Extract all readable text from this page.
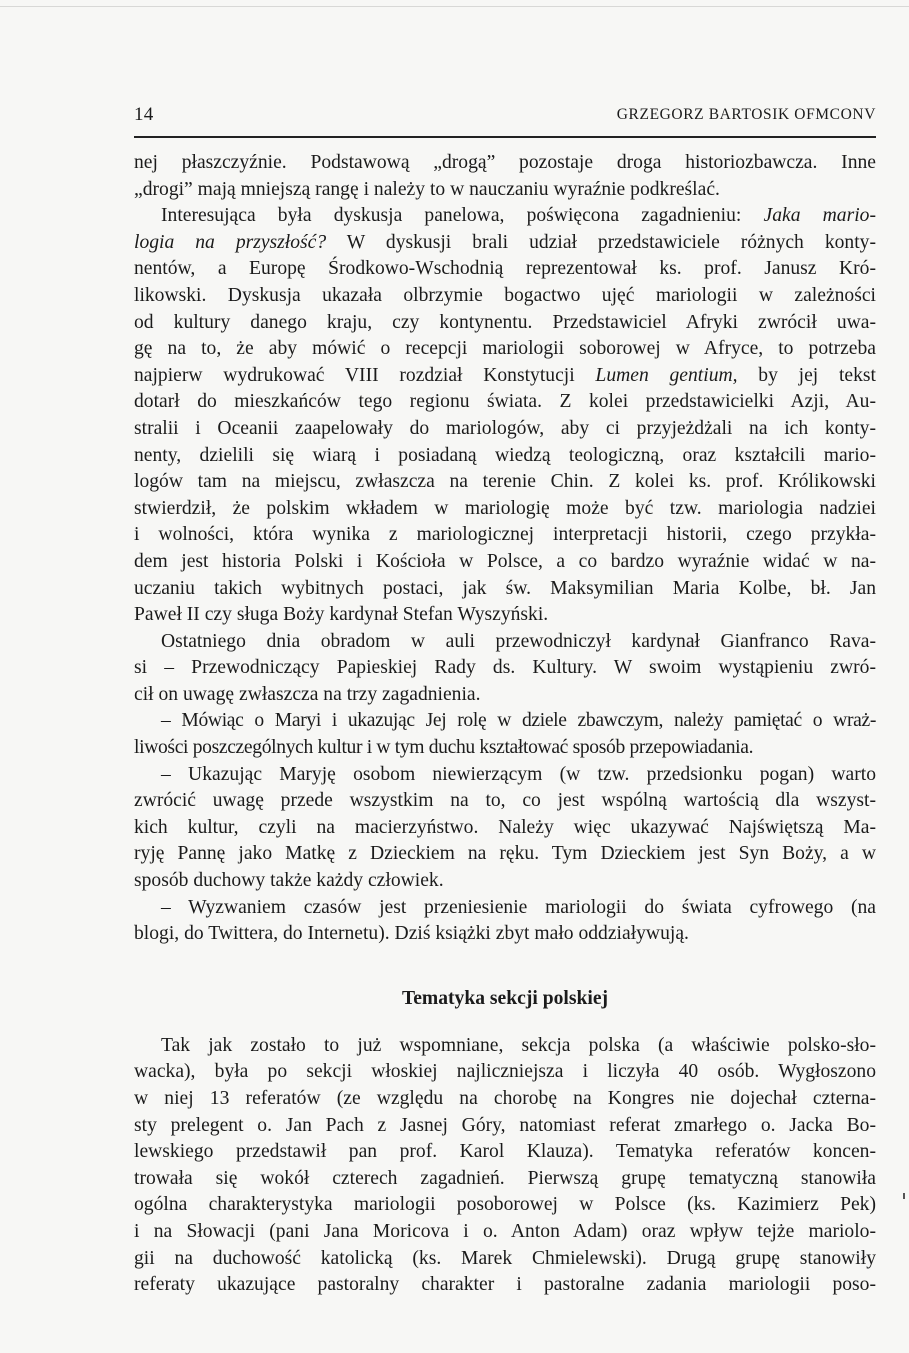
14	GRZEGORZ BARTOSIK OFMCONV
nej płaszczyźnie. Podstawową „drogą” pozostaje droga historiozbawcza. Inne
„drogi” mają mniejszą rangę i należy to w nauczaniu wyraźnie podkreślać.
Interesująca była dyskusja panelowa, poświęcona zagadnieniu: Jaka mario-
logia na przyszłość? W dyskusji brali udział przedstawiciele różnych konty-
nentów, a Europę Środkowo-Wschodnią reprezentował ks. prof. Janusz Kró-
likowski. Dyskusja ukazała olbrzymie bogactwo ujęć mariologii w zależności
od kultury danego kraju, czy kontynentu. Przedstawiciel Afryki zwrócił uwa-
gę na to, że aby mówić o recepcji mariologii soborowej w Afryce, to potrzeba
najpierw wydrukować VIII rozdział Konstytucji Lumen gentium, by jej tekst
dotarł do mieszkańców tego regionu świata. Z kolei przedstawicielki Azji, Au-
stralii i Oceanii zaapelowały do mariologów, aby ci przyjeżdżali na ich konty-
nenty, dzielili się wiarą i posiadaną wiedzą teologiczną, oraz kształcili mario-
logów tam na miejscu, zwłaszcza na terenie Chin. Z kolei ks. prof. Królikowski
stwierdził, że polskim wkładem w mariologię może być tzw. mariologia nadziei
i wolności, która wynika z mariologicznej interpretacji historii, czego przykła-
dem jest historia Polski i Kościoła w Polsce, a co bardzo wyraźnie widać w na-
uczaniu takich wybitnych postaci, jak św. Maksymilian Maria Kolbe, bł. Jan
Paweł II czy sługa Boży kardynał Stefan Wyszyński.
Ostatniego dnia obradom w auli przewodniczył kardynał Gianfranco Rava-
si – Przewodniczący Papieskiej Rady ds. Kultury. W swoim wystąpieniu zwró-
cił on uwagę zwłaszcza na trzy zagadnienia.
– Mówiąc o Maryi i ukazując Jej rolę w dziele zbawczym, należy pamiętać o wraż-
liwości poszczególnych kultur i w tym duchu kształtować sposób przepowiadania.
– Ukazując Maryję osobom niewierzącym (w tzw. przedsionku pogan) warto
zwrócić uwagę przede wszystkim na to, co jest wspólną wartością dla wszyst-
kich kultur, czyli na macierzyństwo. Należy więc ukazywać Najświętszą Ma-
ryję Pannę jako Matkę z Dzieckiem na ręku. Tym Dzieckiem jest Syn Boży, a w
sposób duchowy także każdy człowiek.
– Wyzwaniem czasów jest przeniesienie mariologii do świata cyfrowego (na
blogi, do Twittera, do Internetu). Dziś książki zbyt mało oddziaływują.
Tematyka sekcji polskiej
Tak jak zostało to już wspomniane, sekcja polska (a właściwie polsko-sło-
wacka), była po sekcji włoskiej najliczniejsza i liczyła 40 osób. Wygłoszono
w niej 13 referatów (ze względu na chorobę na Kongres nie dojechał czterna-
sty prelegent o. Jan Pach z Jasnej Góry, natomiast referat zmarłego o. Jacka Bo-
lewskiego przedstawił pan prof. Karol Klauza). Tematyka referatów koncen-
trowała się wokół czterech zagadnień. Pierwszą grupę tematyczną stanowiła
ogólna charakterystyka mariologii posoborowej w Polsce (ks. Kazimierz Pek)
i na Słowacji (pani Jana Moricova i o. Anton Adam) oraz wpływ tejże mariolo-
gii na duchowość katolicką (ks. Marek Chmielewski). Drugą grupę stanowiły
referaty ukazujące pastoralny charakter i pastoralne zadania mariologii poso-
